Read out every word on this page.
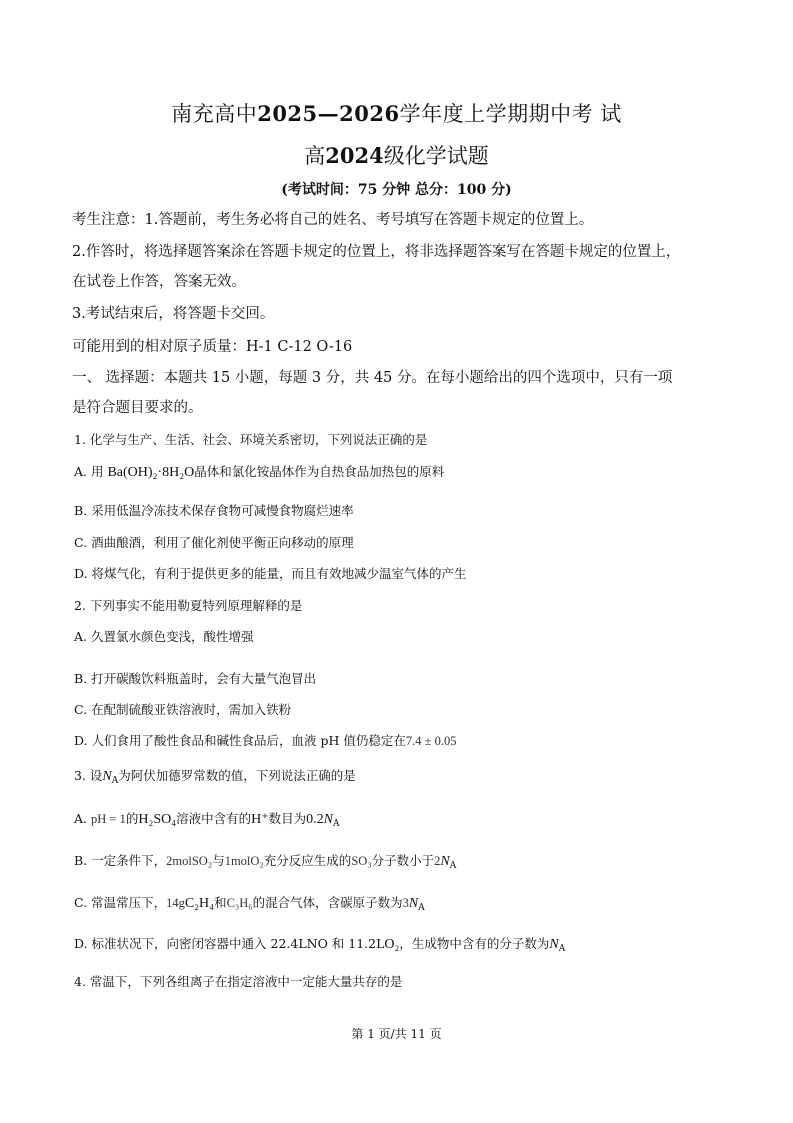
南充高中2025—2026学年度上学期期中考 试
高2024级化学试题
(考试时间：75 分钟 总分：100 分)
考生注意：1.答题前，考生务必将自己的姓名、考号填写在答题卡规定的位置上。
2.作答时，将选择题答案涂在答题卡规定的位置上，将非选择题答案写在答题卡规定的位置上，
在试卷上作答，答案无效。
3.考试结束后，将答题卡交回。
可能用到的相对原子质量：H-1 C-12 O-16
一、 选择题：本题共 15 小题，每题 3 分，共 45 分。在每小题给出的四个选项中，只有一项
是符合题目要求的。
1. 化学与生产、生活、社会、环境关系密切，下列说法正确的是
A. 用 Ba(OH)₂·8H₂O晶体和氯化铵晶体作为自热食品加热包的原料
B. 采用低温冷冻技术保存食物可减慢食物腐烂速率
C. 酒曲酿酒，利用了催化剂使平衡正向移动的原理
D. 将煤气化，有利于提供更多的能量，而且有效地减少温室气体的产生
2. 下列事实不能用勒夏特列原理解释的是
A. 久置氯水颜色变浅，酸性增强
B. 打开碳酸饮料瓶盖时，会有大量气泡冒出
C. 在配制硫酸亚铁溶液时，需加入铁粉
D. 人们食用了酸性食品和碱性食品后，血液 pH 值仍稳定在7.4 ± 0.05
3. 设$N_A$为阿伏加德罗常数的值，下列说法正确的是
A. pH = 1的H₂SO₄溶液中含有的H⁺数目为$0.2N_A$
B. 一定条件下，2molSO₂与1molO₂充分反应生成的SO₃分子数小于$2N_A$
C. 常温常压下，14gC₂H₄和C₃H₆的混合气体，含碳原子数为$3N_A$
D. 标准状况下，向密闭容器中通入 22.4LNO 和 11.2LO₂，生成物中含有的分子数为$N_A$
4. 常温下，下列各组离子在指定溶液中一定能大量共存的是
第 1 页/共 11 页
